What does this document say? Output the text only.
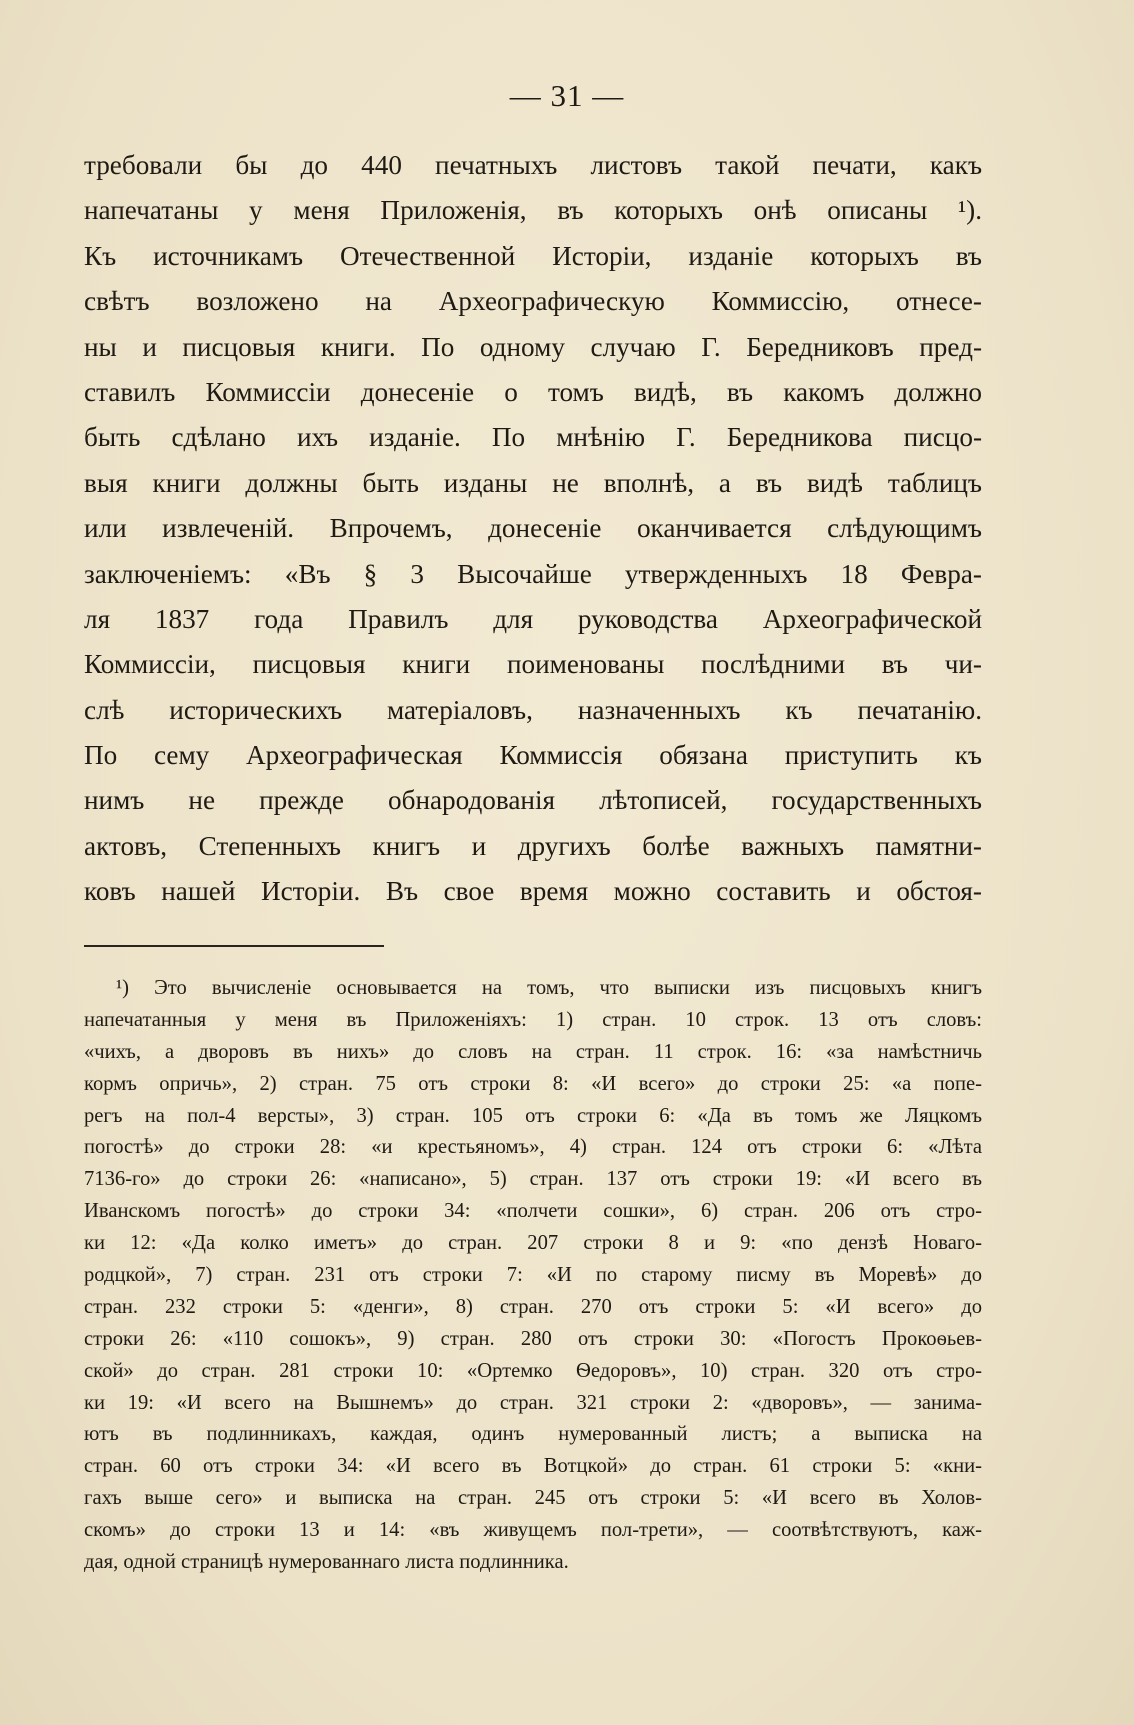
— 31 —
требовали бы до 440 печатныхъ листовъ такой печати, какъ
напечатаны у меня Приложенія, въ которыхъ онѣ описаны ¹).
Къ источникамъ Отечественной Исторіи, изданіе которыхъ въ
свѣтъ возложено на Археографическую Коммиссію, отнесе-
ны и писцовыя книги. По одному случаю Г. Бередниковъ пред-
ставилъ Коммиссіи донесеніе о томъ видѣ, въ какомъ должно
быть сдѣлано ихъ изданіе. По мнѣнію Г. Бередникова писцо-
выя книги должны быть изданы не вполнѣ, а въ видѣ таблицъ
или извлеченій. Впрочемъ, донесеніе оканчивается слѣдующимъ
заключеніемъ: «Въ § 3 Высочайше утвержденныхъ 18 Февра-
ля 1837 года Правилъ для руководства Археографической
Коммиссіи, писцовыя книги поименованы послѣдними въ чи-
слѣ историческихъ матеріаловъ, назначенныхъ къ печатанію.
По сему Археографическая Коммиссія обязана приступить къ
нимъ не прежде обнародованія лѣтописей, государственныхъ
актовъ, Степенныхъ книгъ и другихъ болѣе важныхъ памятни-
ковъ нашей Исторіи. Въ свое время можно составить и обстоя-
¹) Это вычисленіе основывается на томъ, что выписки изъ писцовыхъ книгъ
напечатанныя у меня въ Приложеніяхъ: 1) стран. 10 строк. 13 отъ словъ:
«чихъ, а дворовъ въ нихъ» до словъ на стран. 11 строк. 16: «за намѣстничь
кормъ опричь», 2) стран. 75 отъ строки 8: «И всего» до строки 25: «а попе-
регъ на пол-4 версты», 3) стран. 105 отъ строки 6: «Да въ томъ же Ляцкомъ
погостѣ» до строки 28: «и крестьяномъ», 4) стран. 124 отъ строки 6: «Лѣта
7136-го» до строки 26: «написано», 5) стран. 137 отъ строки 19: «И всего въ
Иванскомъ погостѣ» до строки 34: «полчети сошки», 6) стран. 206 отъ стро-
ки 12: «Да колко иметъ» до стран. 207 строки 8 и 9: «по дензѣ Новаго-
родцкой», 7) стран. 231 отъ строки 7: «И по старому писму въ Моревѣ» до
стран. 232 строки 5: «денги», 8) стран. 270 отъ строки 5: «И всего» до
строки 26: «110 сошокъ», 9) стран. 280 отъ строки 30: «Погостъ Прокоѳьев-
ской» до стран. 281 строки 10: «Ортемко Ѳедоровъ», 10) стран. 320 отъ стро-
ки 19: «И всего на Вышнемъ» до стран. 321 строки 2: «дворовъ», — занима-
ютъ въ подлинникахъ, каждая, одинъ нумерованный листъ; а выписка на
стран. 60 отъ строки 34: «И всего въ Вотцкой» до стран. 61 строки 5: «кни-
гахъ выше сего» и выписка на стран. 245 отъ строки 5: «И всего въ Холов-
скомъ» до строки 13 и 14: «въ живущемъ пол-трети», — соотвѣтствуютъ, каж-
дая, одной страницѣ нумерованнаго листа подлинника.
